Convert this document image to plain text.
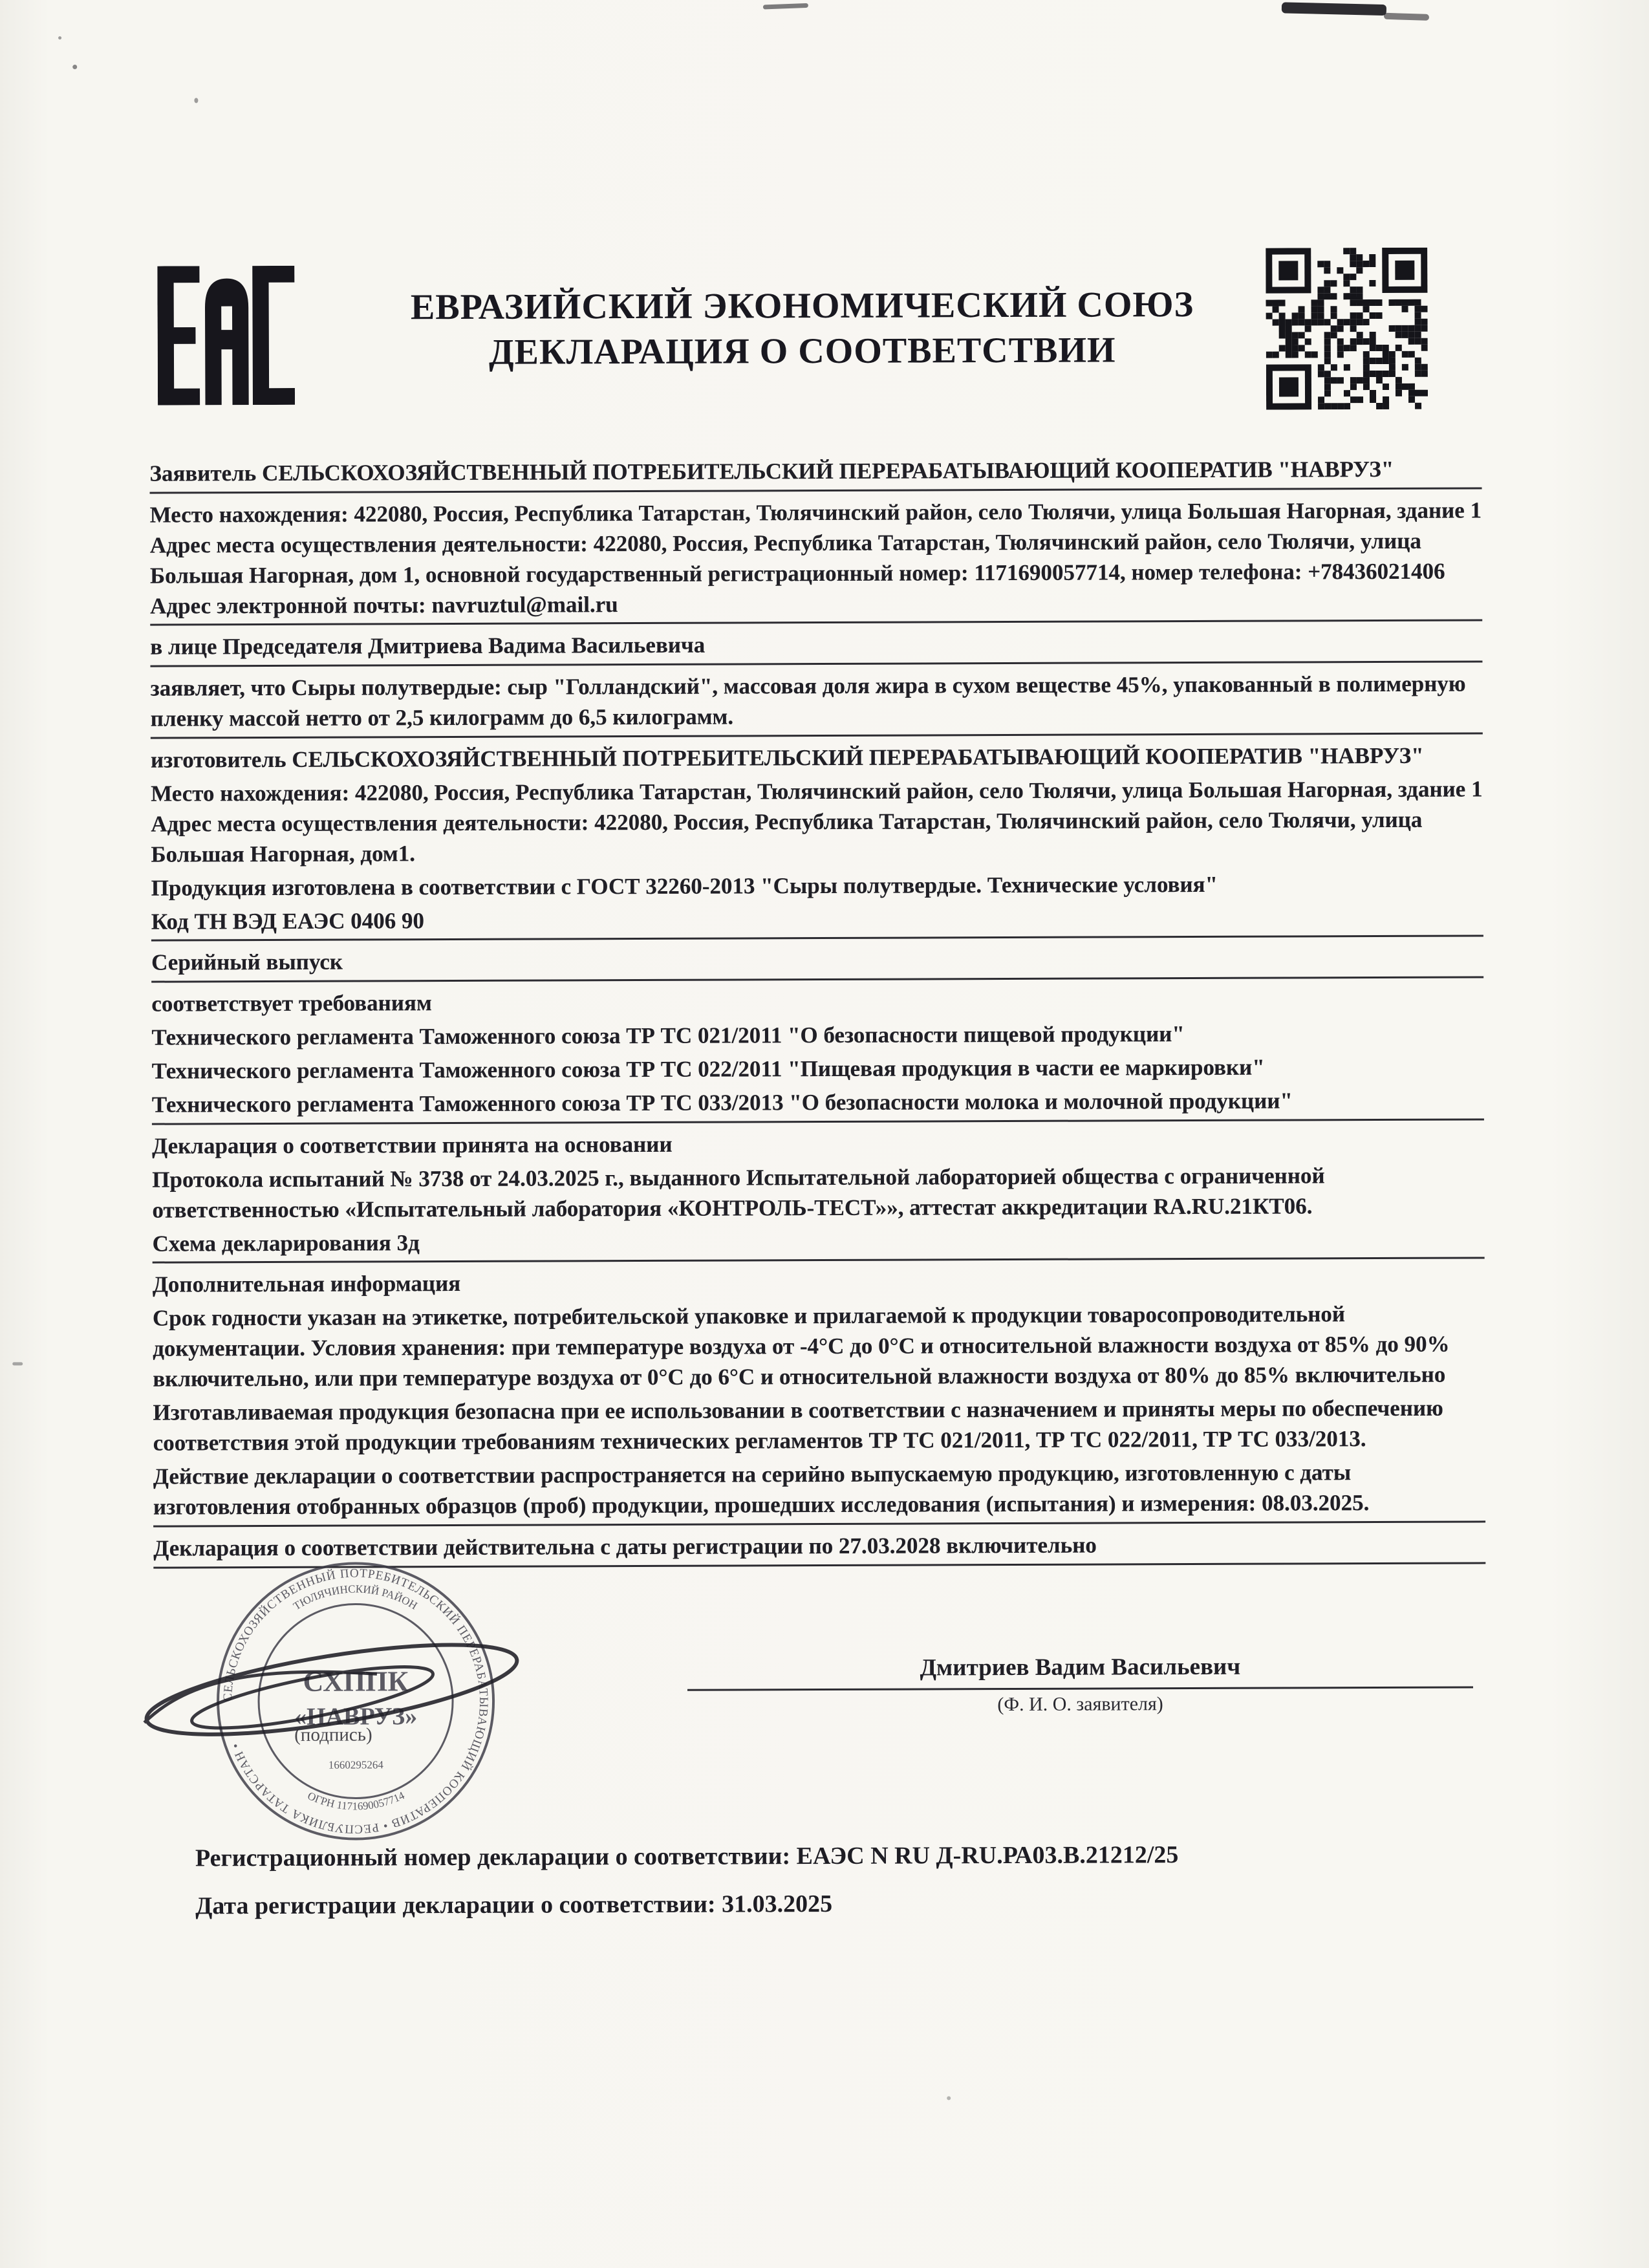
ЕВРАЗИЙСКИЙ ЭКОНОМИЧЕСКИЙ СОЮЗ
ДЕКЛАРАЦИЯ О СООТВЕТСТВИИ

Заявитель СЕЛЬСКОХОЗЯЙСТВЕННЫЙ ПОТРЕБИТЕЛЬСКИЙ ПЕРЕРАБАТЫВАЮЩИЙ КООПЕРАТИВ "НАВРУЗ"

Место нахождения: 422080, Россия, Республика Татарстан, Тюлячинский район, село Тюлячи, улица Большая Нагорная, здание 1 Адрес места осуществления деятельности: 422080, Россия, Республика Татарстан, Тюлячинский район, село Тюлячи, улица Большая Нагорная, дом 1, основной государственный регистрационный номер: 1171690057714, номер телефона: +78436021406 Адрес электронной почты: navruztul@mail.ru

в лице Председателя Дмитриева Вадима Васильевича

заявляет, что Сыры полутвердые: сыр "Голландский", массовая доля жира в сухом веществе 45%, упакованный в полимерную пленку массой нетто от 2,5 килограмм до 6,5 килограмм.

изготовитель СЕЛЬСКОХОЗЯЙСТВЕННЫЙ ПОТРЕБИТЕЛЬСКИЙ ПЕРЕРАБАТЫВАЮЩИЙ КООПЕРАТИВ "НАВРУЗ"

Место нахождения: 422080, Россия, Республика Татарстан, Тюлячинский район, село Тюлячи, улица Большая Нагорная, здание 1 Адрес места осуществления деятельности: 422080, Россия, Республика Татарстан, Тюлячинский район, село Тюлячи, улица Большая Нагорная, дом1.

Продукция изготовлена в соответствии с ГОСТ 32260-2013 "Сыры полутвердые. Технические условия"

Код ТН ВЭД ЕАЭС 0406 90

Серийный выпуск

соответствует требованиям

Технического регламента Таможенного союза ТР ТС 021/2011 "О безопасности пищевой продукции"

Технического регламента Таможенного союза ТР ТС 022/2011 "Пищевая продукция в части ее маркировки"

Технического регламента Таможенного союза ТР ТС 033/2013 "О безопасности молока и молочной продукции"

Декларация о соответствии принята на основании

Протокола испытаний № 3738 от 24.03.2025 г., выданного Испытательной лабораторией общества с ограниченной ответственностью «Испытательный лаборатория «КОНТРОЛЬ-ТЕСТ»», аттестат аккредитации RA.RU.21КТ06.

Схема декларирования 3д

Дополнительная информация

Срок годности указан на этикетке, потребительской упаковке и прилагаемой к продукции товаросопроводительной документации. Условия хранения: при температуре воздуха от -4°С до 0°С и относительной влажности воздуха от 85% до 90% включительно, или при температуре воздуха от 0°С до 6°С и относительной влажности воздуха от 80% до 85% включительно

Изготавливаемая продукция безопасна при ее использовании в соответствии с назначением и приняты меры по обеспечению соответствия этой продукции требованиям технических регламентов ТР ТС 021/2011, ТР ТС 022/2011, ТР ТС 033/2013.

Действие декларации о соответствии распространяется на серийно выпускаемую продукцию, изготовленную с даты изготовления отобранных образцов (проб) продукции, прошедших исследования (испытания) и измерения: 08.03.2025.

Декларация о соответствии действительна с даты регистрации по 27.03.2028 включительно

СЕЛЬСКОХОЗЯЙСТВЕННЫЙ ПОТРЕБИТЕЛЬСКИЙ ПЕРЕРАБАТЫВАЮЩИЙ КООПЕРАТИВ • РЕСПУБЛИКА ТАТАРСТАН •
ТЮЛЯЧИНСКИЙ РАЙОН
ОГРН 1171690057714
СХППК
«НАВРУЗ»
1660295264
(подпись)
Дмитриев Вадим Васильевич
(Ф. И. О. заявителя)
Регистрационный номер декларации о соответствии: ЕАЭС N RU Д-RU.РА03.В.21212/25
Дата регистрации декларации о соответствии: 31.03.2025
